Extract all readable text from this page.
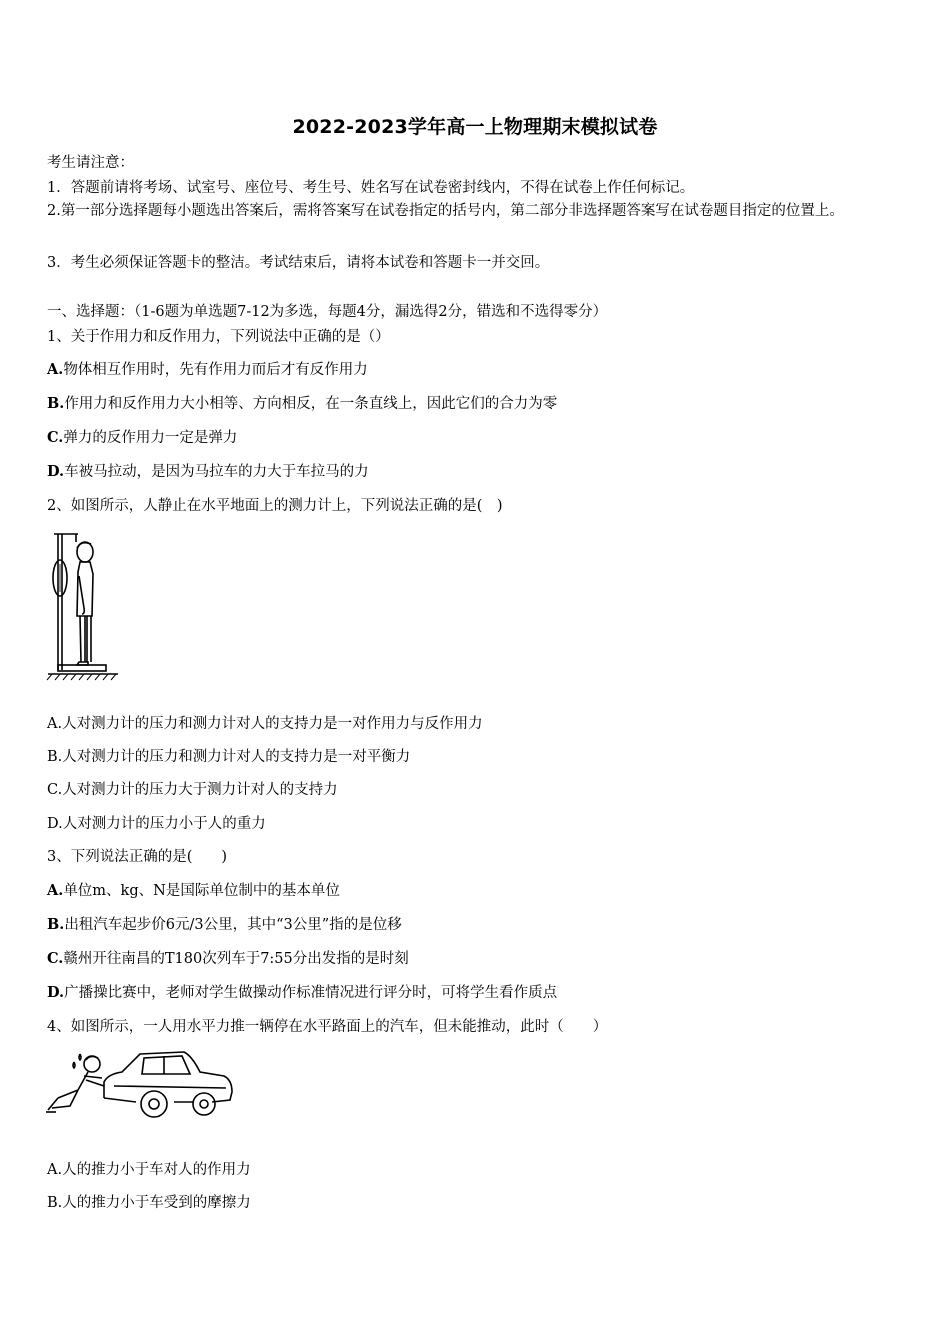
2022-2023学年高一上物理期末模拟试卷
考生请注意：
1．答题前请将考场、试室号、座位号、考生号、姓名写在试卷密封线内，不得在试卷上作任何标记。
2.第一部分选择题每小题选出答案后，需将答案写在试卷指定的括号内，第二部分非选择题答案写在试卷题目指定的位置上。
3．考生必须保证答题卡的整洁。考试结束后，请将本试卷和答题卡一并交回。
一、选择题：（1-6题为单选题7-12为多选，每题4分，漏选得2分，错选和不选得零分）
1、关于作用力和反作用力，下列说法中正确的是（）
A.物体相互作用时，先有作用力而后才有反作用力
B.作用力和反作用力大小相等、方向相反，在一条直线上，因此它们的合力为零
C.弹力的反作用力一定是弹力
D.车被马拉动，是因为马拉车的力大于车拉马的力
2、如图所示，人静止在水平地面上的测力计上，下列说法正确的是(　)
A.人对测力计的压力和测力计对人的支持力是一对作用力与反作用力
B.人对测力计的压力和测力计对人的支持力是一对平衡力
C.人对测力计的压力大于测力计对人的支持力
D.人对测力计的压力小于人的重力
3、下列说法正确的是(　　)
A.单位m、kg、N是国际单位制中的基本单位
B.出租汽车起步价6元/3公里，其中“3公里”指的是位移
C.赣州开往南昌的T180次列车于7:55分出发指的是时刻
D.广播操比赛中，老师对学生做操动作标准情况进行评分时，可将学生看作质点
4、如图所示，一人用水平力推一辆停在水平路面上的汽车，但未能推动，此时（　　）
A.人的推力小于车对人的作用力
B.人的推力小于车受到的摩擦力
